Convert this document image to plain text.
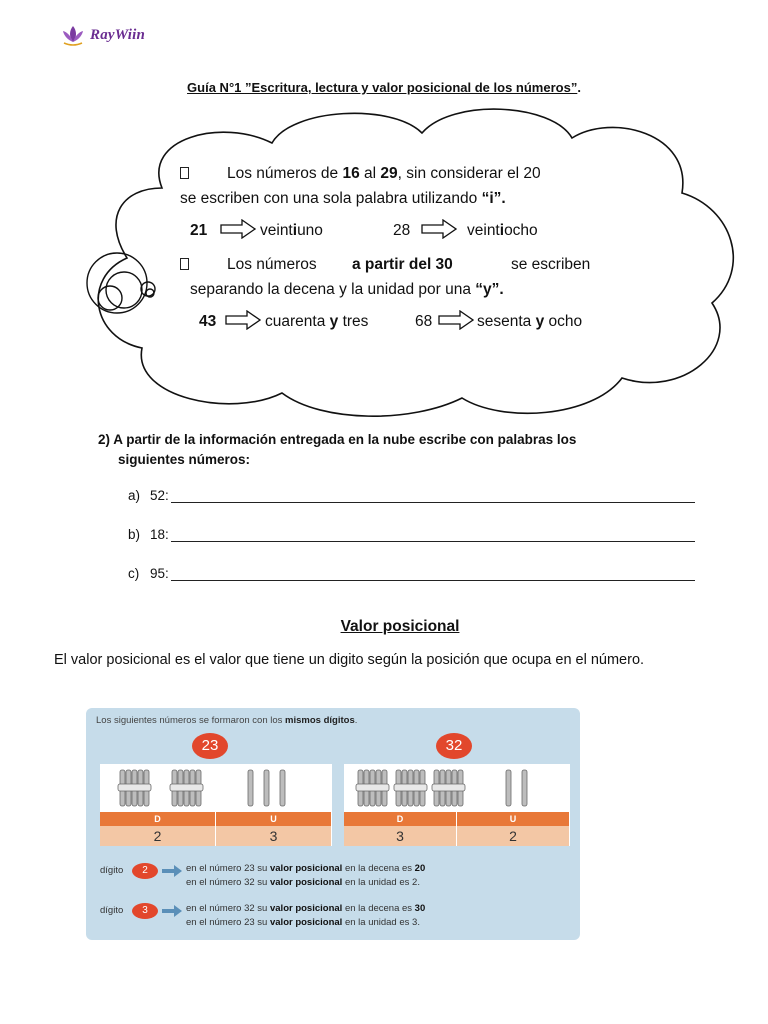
RayWiin
Guía N°1 ”Escritura, lectura y valor posicional de los números”.
Los números de 16 al 29, sin considerar el 20
se escriben con una sola palabra utilizando “i”.
21	veintiuno	28	veintiocho
Los números a partir del 30	se escriben
separando la decena y la unidad por una “y”.
43	cuarenta y tres	68	sesenta y ocho
2) A partir de la información entregada en la nube escribe con palabras los
siguientes números:
a) 52:
b) 18:
c) 95:
Valor posicional
El valor posicional es el valor que tiene un digito según la posición que ocupa en el número.
Los siguientes números se formaron con los mismos dígitos.
23
D	U
2	3
32
D	U
3	2
dígito	2	en el número 23 su valor posicional en la decena es 20
en el número 32 su valor posicional en la unidad es 2.
dígito	3	en el número 32 su valor posicional en la decena es 30
en el número 23 su valor posicional en la unidad es 3.
